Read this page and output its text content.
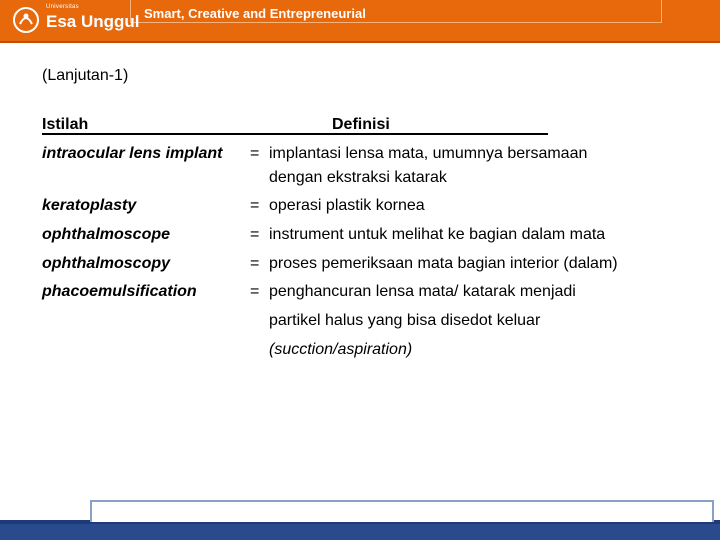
Universitas
Esa Unggul Smart, Creative and Entrepreneurial
(Lanjutan-1)
Istilah	Definisi
intraocular lens implant = implantasi lensa mata, umumnya bersamaan
dengan ekstraksi katarak
keratoplasty	= operasi plastik kornea
ophthalmoscope	= instrument untuk melihat ke bagian dalam mata
ophthalmoscopy	= proses pemeriksaan mata bagian interior (dalam)
phacoemulsification	= penghancuran lensa mata/ katarak menjadi
partikel halus yang bisa disedot keluar
(sucction/aspiration)
